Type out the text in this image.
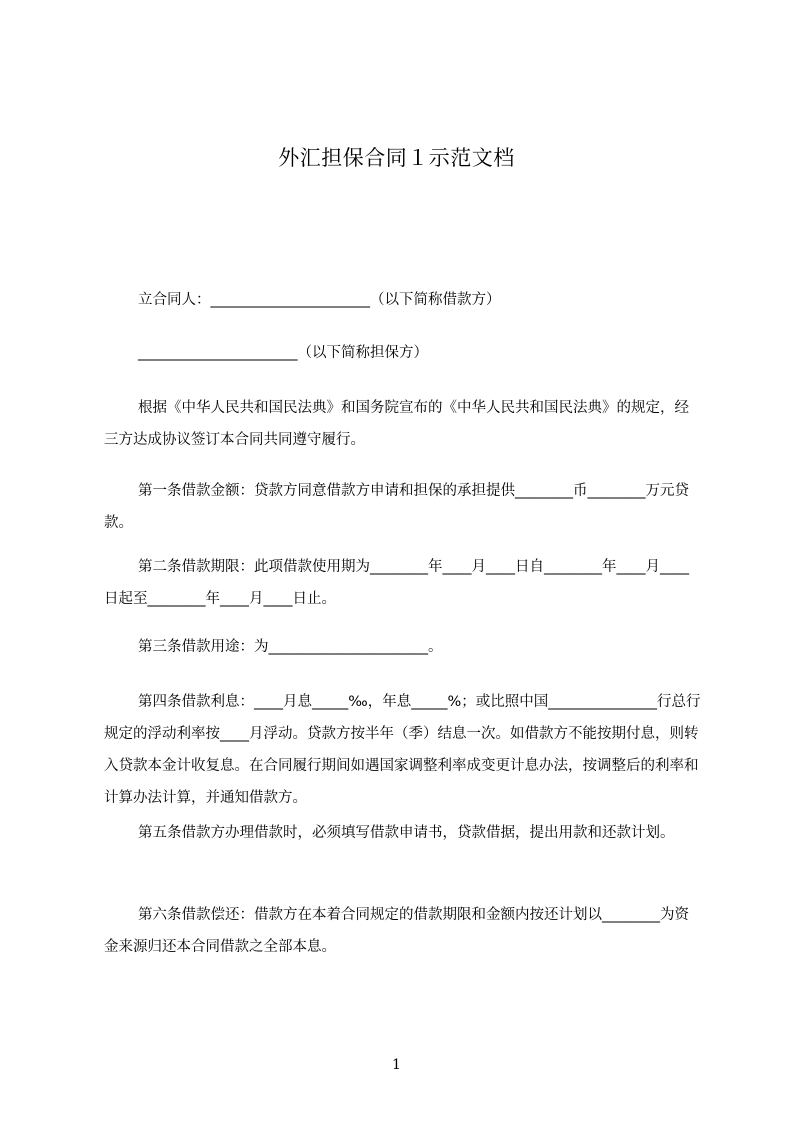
外汇担保合同１示范文档

立合同人：______________________（以下简称借款方）

______________________（以下简称担保方）

根据《中华人民共和国民法典》和国务院宣布的《中华人民共和国民法典》的规定，经三方达成协议签订本合同共同遵守履行。

第一条借款金额：贷款方同意借款方申请和担保的承担提供________币________万元贷款。

第二条借款期限：此项借款使用期为________年____月____日自________年____月____日起至________年____月____日止。

第三条借款用途：为______________________。

第四条借款利息：____月息_____‰，年息_____%；或比照中国_______________行总行规定的浮动利率按____月浮动。贷款方按半年（季）结息一次。如借款方不能按期付息，则转入贷款本金计收复息。在合同履行期间如遇国家调整利率成变更计息办法，按调整后的利率和计算办法计算，并通知借款方。

第五条借款方办理借款时，必须填写借款申请书，贷款借据，提出用款和还款计划。

第六条借款偿还：借款方在本着合同规定的借款期限和金额内按还计划以________为资金来源归还本合同借款之全部本息。

1
